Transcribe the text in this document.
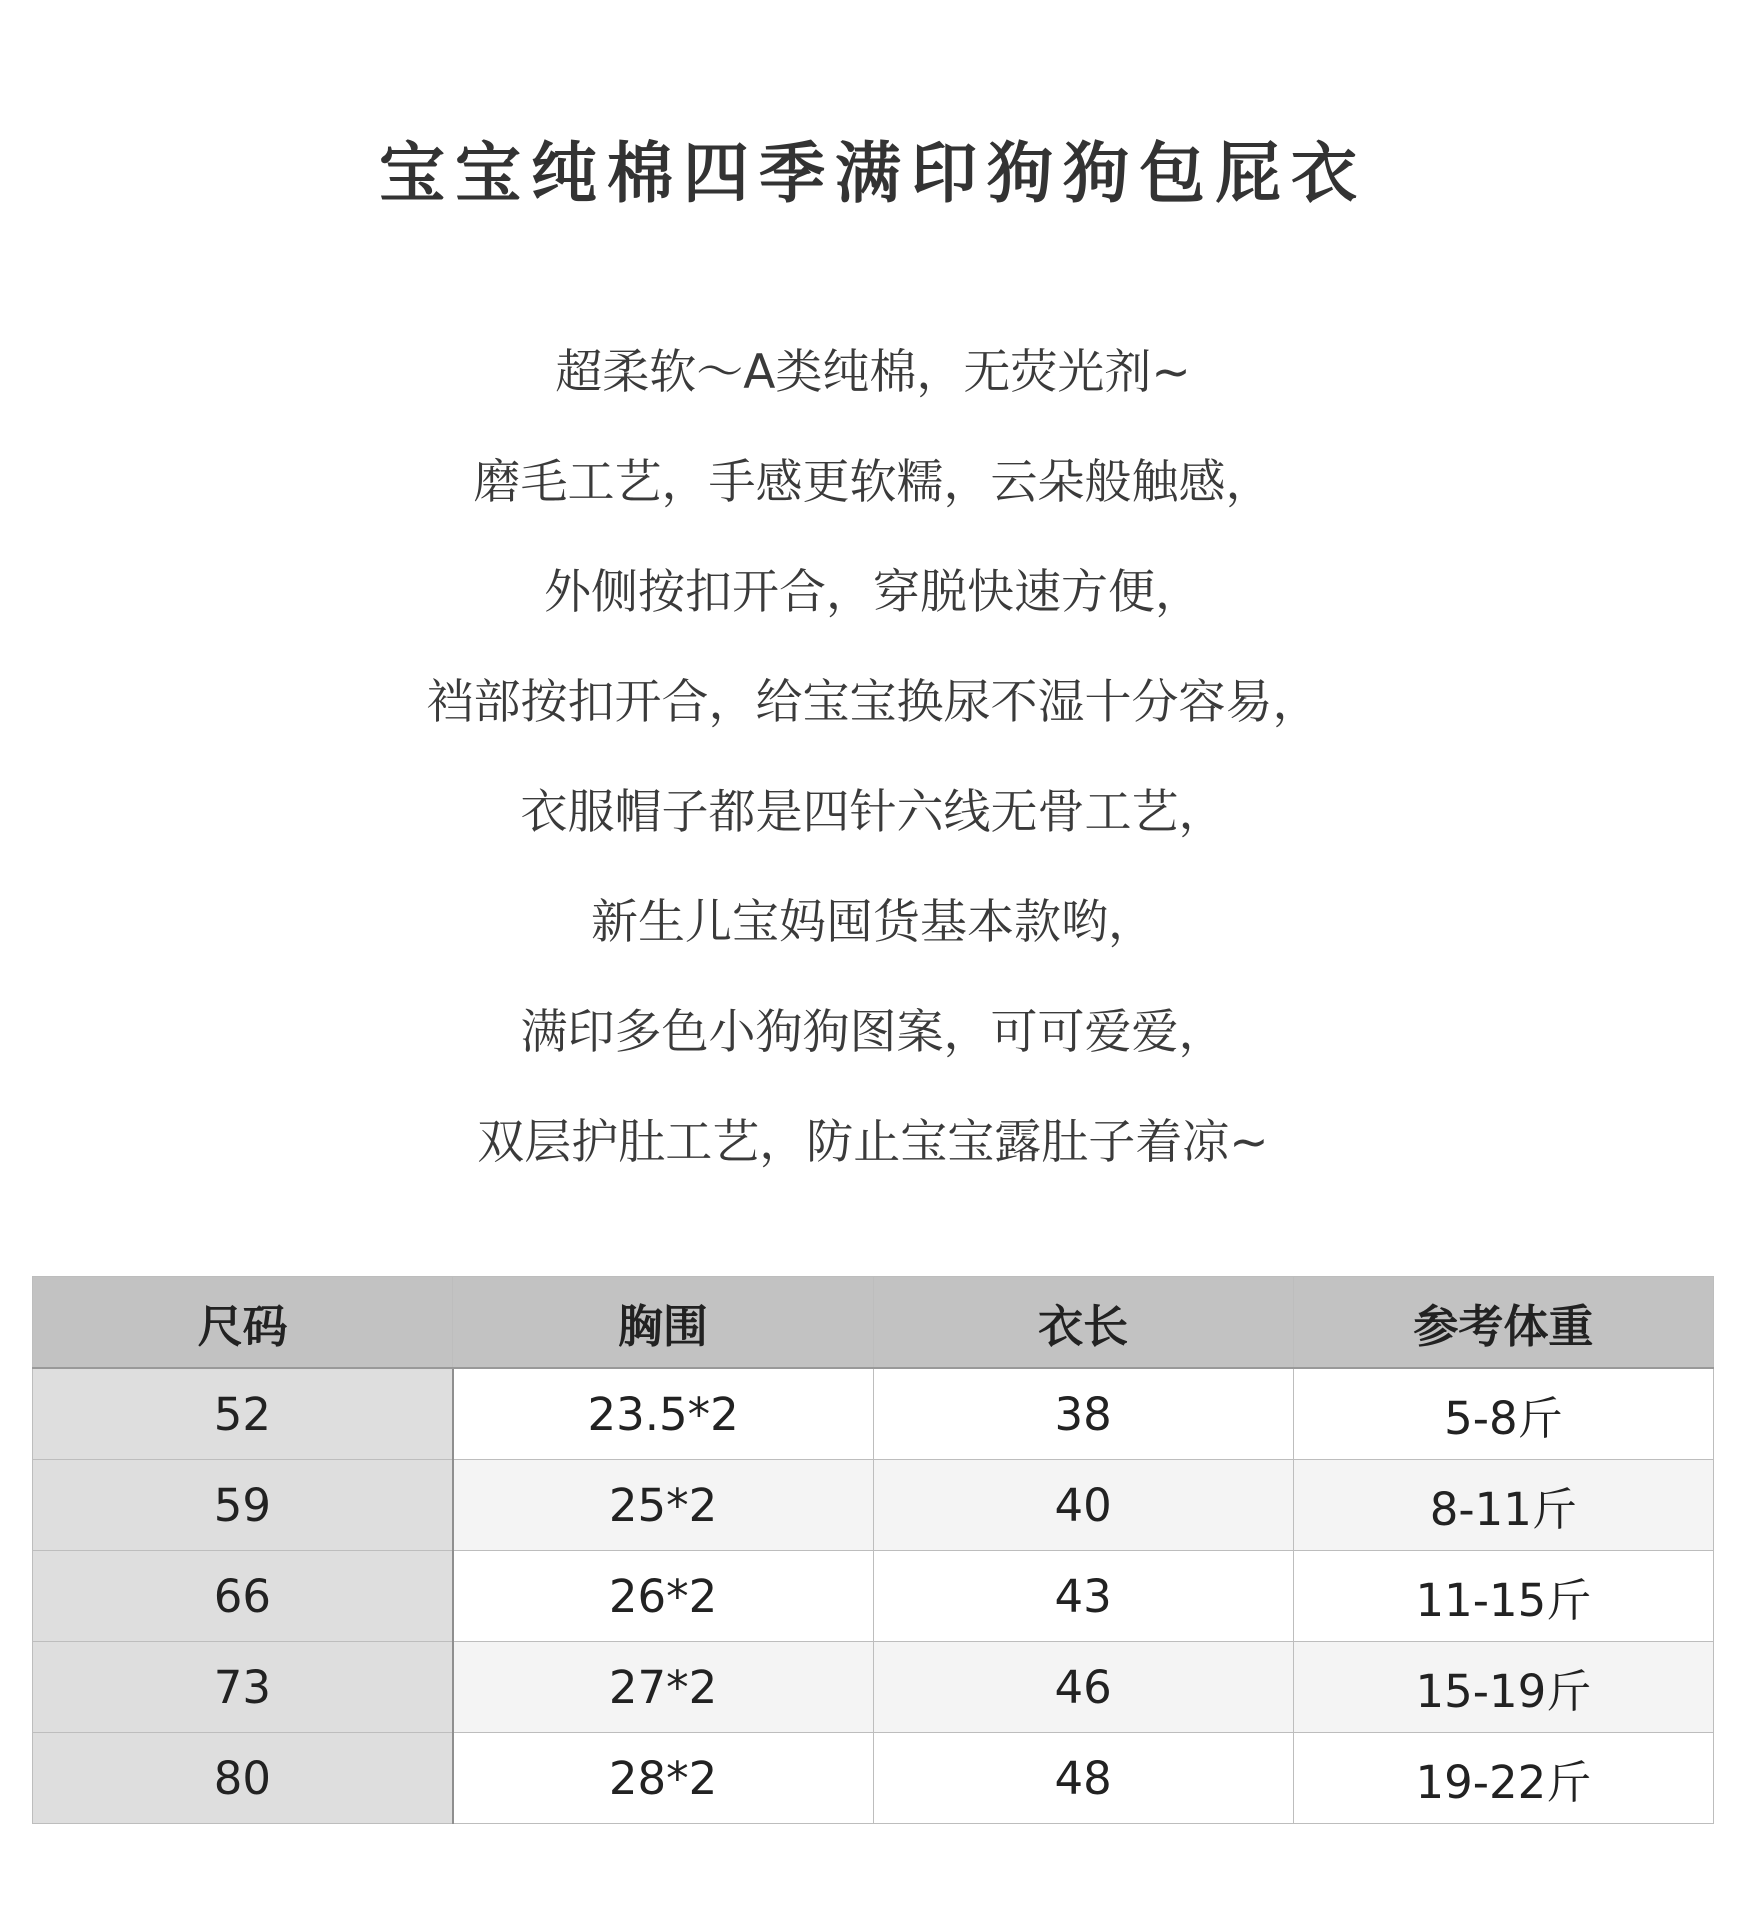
宝宝纯棉四季满印狗狗包屁衣
超柔软～A类纯棉，无荧光剂~
磨毛工艺，手感更软糯，云朵般触感，
外侧按扣开合，穿脱快速方便，
裆部按扣开合，给宝宝换尿不湿十分容易，
衣服帽子都是四针六线无骨工艺，
新生儿宝妈囤货基本款哟，
满印多色小狗狗图案，可可爱爱，
双层护肚工艺，防止宝宝露肚子着凉~
尺码	胸围	衣长	参考体重
52	23.5*2	38	5-8斤
59	25*2	40	8-11斤
66	26*2	43	11-15斤
73	27*2	46	15-19斤
80	28*2	48	19-22斤
